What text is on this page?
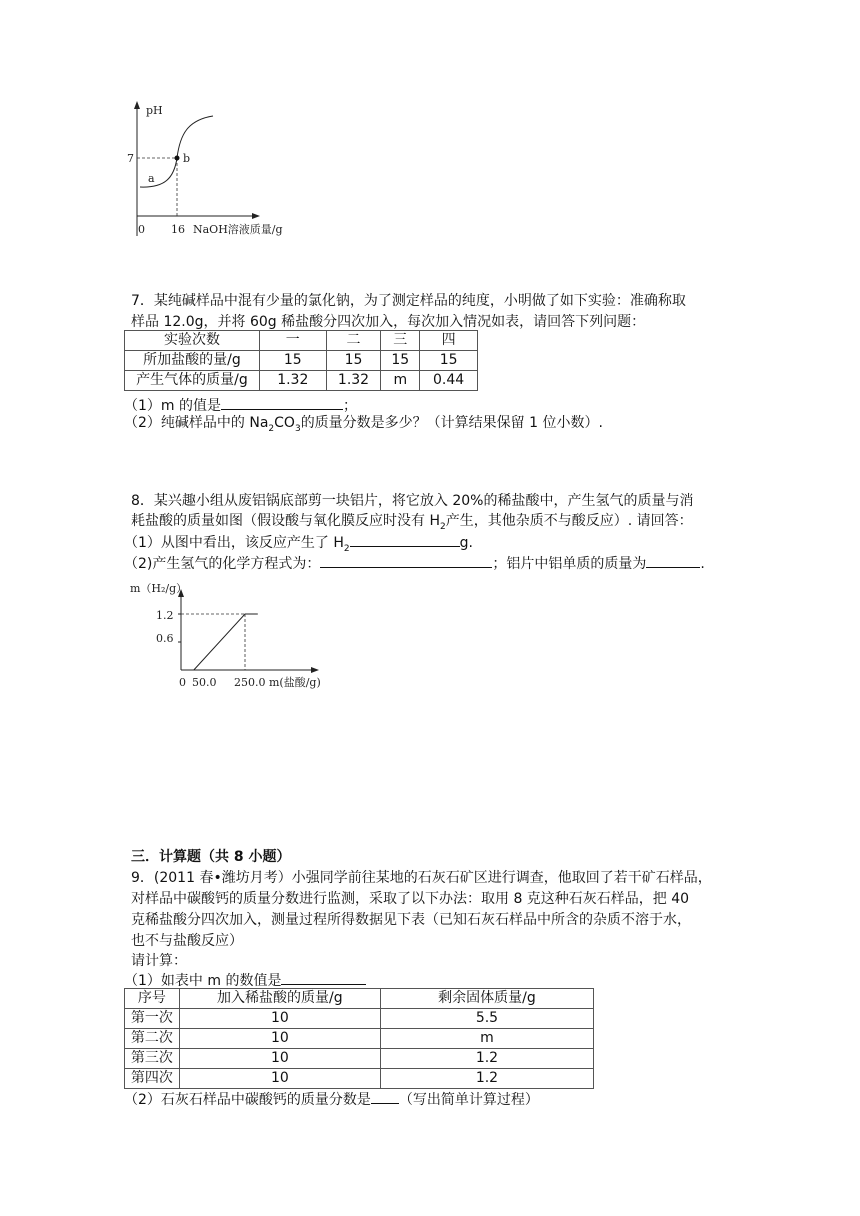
pH
7
a
b
0 16 NaOH溶液质量/g
7．某纯碱样品中混有少量的氯化钠，为了测定样品的纯度，小明做了如下实验：准确称取
样品 12.0g，并将 60g 稀盐酸分四次加入，每次加入情况如表，请回答下列问题：
实验次数	一	二	三	四
所加盐酸的量/g	15	15	15	15
产生气体的质量/g	1.32	1.32	m	0.44
（1）m 的值是	；
（2）纯碱样品中的 $Na_2CO_3$的质量分数是多少？（计算结果保留 1 位小数）.
8．某兴趣小组从废铝锅底部剪一块铝片，将它放入 20%的稀盐酸中，产生氢气的质量与消
耗盐酸的质量如图（假设酸与氧化膜反应时没有 $H_2$产生，其他杂质不与酸反应）. 请回答：
（1）从图中看出，该反应产生了 $H_2$	g.
（2)产生氢气的化学方程式为：	；铝片中铝单质的质量为	.
m（H₂/g）
1.2
0.6
0 50.0 250.0 m(盐酸/g)
三．计算题（共 8 小题）
9．(2011 春•潍坊月考）小强同学前往某地的石灰石矿区进行调查，他取回了若干矿石样品，
对样品中碳酸钙的质量分数进行监测，采取了以下办法：取用 8 克这种石灰石样品，把 40
克稀盐酸分四次加入，测量过程所得数据见下表（已知石灰石样品中所含的杂质不溶于水，
也不与盐酸反应）
请计算：
（1）如表中 m 的数值是
序号	加入稀盐酸的质量/g	剩余固体质量/g
第一次	10	5.5
第二次	10	m
第三次	10	1.2
第四次	10	1.2
（2）石灰石样品中碳酸钙的质量分数是 （写出简单计算过程）
